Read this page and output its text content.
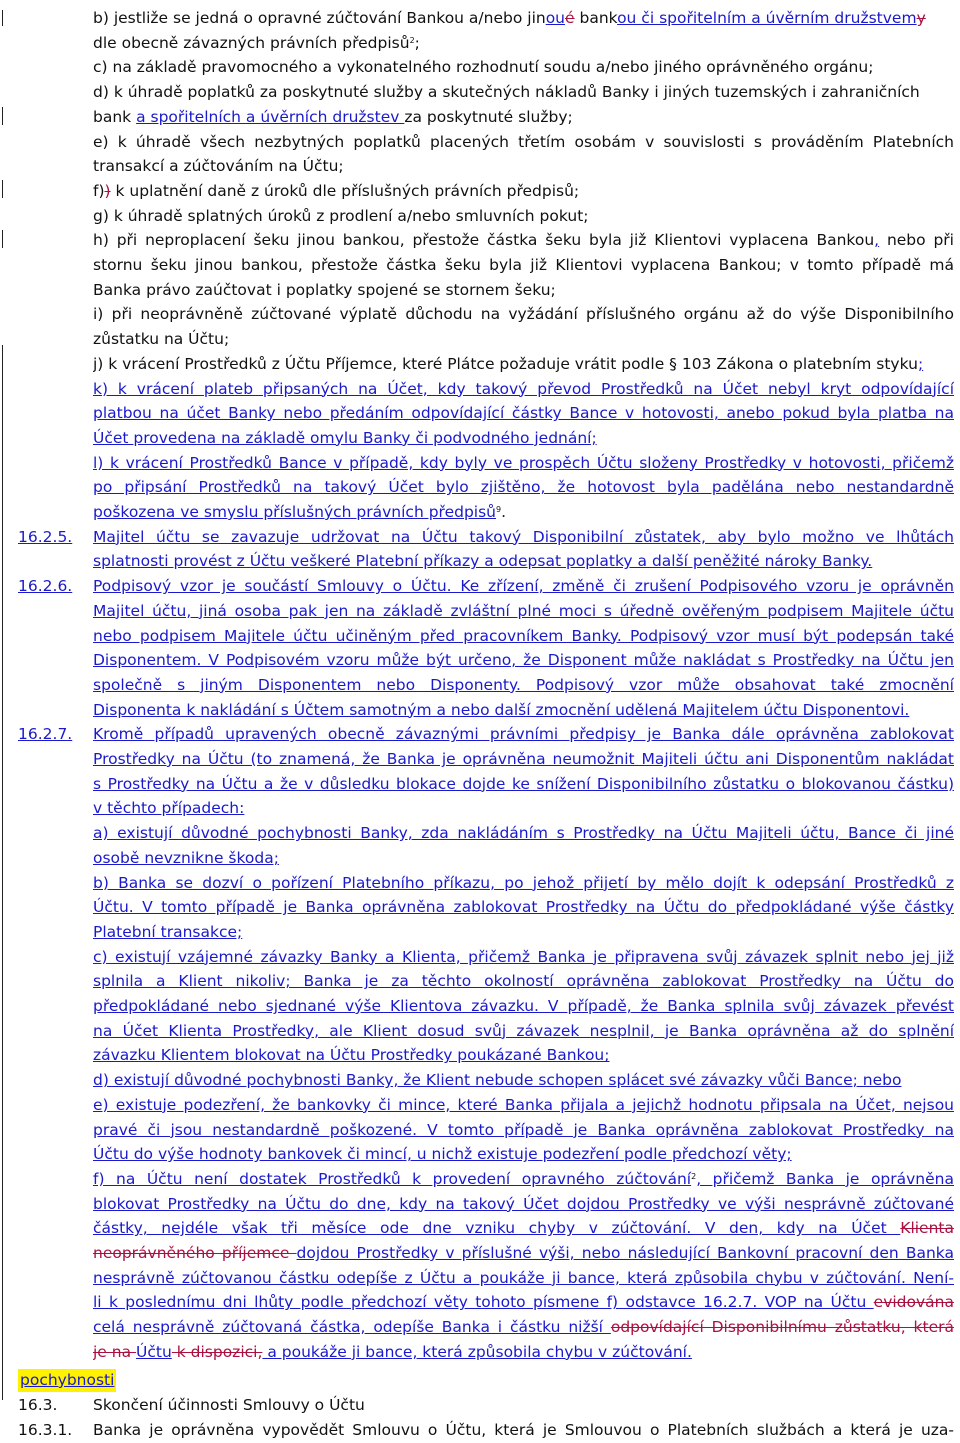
b) jestliže se jedná o opravné zúčtování Bankou a/nebo jinoué bankou či spořitelním a úvěrním družstvemy
dle obecně závazných právních předpisů$^2$;
c) na základě pravomocného a vykonatelného rozhodnutí soudu a/nebo jiného oprávněného orgánu;
d) k úhradě poplatků za poskytnuté služby a skutečných nákladů Banky i jiných tuzemských i zahraničních
bank a spořitelních a úvěrních družstev za poskytnuté služby;
e) k úhradě všech nezbytných poplatků placených třetím osobám v souvislosti s prováděním Platebních
transakcí a zúčtováním na Účtu;
f)) k uplatnění daně z úroků dle příslušných právních předpisů;
g) k úhradě splatných úroků z prodlení a/nebo smluvních pokut;
h) při neproplacení šeku jinou bankou, přestože částka šeku byla již Klientovi vyplacena Bankou, nebo při
stornu šeku jinou bankou, přestože částka šeku byla již Klientovi vyplacena Bankou; v tomto případě má
Banka právo zaúčtovat i poplatky spojené se stornem šeku;
i) při neoprávněně zúčtované výplatě důchodu na vyžádání příslušného orgánu až do výše Disponibilního
zůstatku na Účtu;
j) k vrácení Prostředků z Účtu Příjemce, které Plátce požaduje vrátit podle § 103 Zákona o platebním styku;
k) k vrácení plateb připsaných na Účet, kdy takový převod Prostředků na Účet nebyl kryt odpovídající
platbou na účet Banky nebo předáním odpovídající částky Bance v hotovosti, anebo pokud byla platba na
Účet provedena na základě omylu Banky či podvodného jednání;
l) k vrácení Prostředků Bance v případě, kdy byly ve prospěch Účtu složeny Prostředky v hotovosti, přičemž
po připsání Prostředků na takový Účet bylo zjištěno, že hotovost byla padělána nebo nestandardně
poškozena ve smyslu příslušných právních předpisů$^9$.
16.2.5. Majitel účtu se zavazuje udržovat na Účtu takový Disponibilní zůstatek, aby bylo možno ve lhůtách
splatnosti provést z Účtu veškeré Platební příkazy a odepsat poplatky a další peněžité nároky Banky.
16.2.6. Podpisový vzor je součástí Smlouvy o Účtu. Ke zřízení, změně či zrušení Podpisového vzoru je oprávněn
Majitel účtu, jiná osoba pak jen na základě zvláštní plné moci s úředně ověřeným podpisem Majitele účtu
nebo podpisem Majitele účtu učiněným před pracovníkem Banky. Podpisový vzor musí být podepsán také
Disponentem. V Podpisovém vzoru může být určeno, že Disponent může nakládat s Prostředky na Účtu jen
společně s jiným Disponentem nebo Disponenty. Podpisový vzor může obsahovat také zmocnění
Disponenta k nakládání s Účtem samotným a nebo další zmocnění udělená Majitelem účtu Disponentovi.
16.2.7. Kromě případů upravených obecně závaznými právními předpisy je Banka dále oprávněna zablokovat
Prostředky na Účtu (to znamená, že Banka je oprávněna neumožnit Majiteli účtu ani Disponentům nakládat
s Prostředky na Účtu a že v důsledku blokace dojde ke snížení Disponibilního zůstatku o blokovanou částku)
v těchto případech:
a) existují důvodné pochybnosti Banky, zda nakládáním s Prostředky na Účtu Majiteli účtu, Bance či jiné
osobě nevznikne škoda;
b) Banka se dozví o pořízení Platebního příkazu, po jehož přijetí by mělo dojít k odepsání Prostředků z
Účtu. V tomto případě je Banka oprávněna zablokovat Prostředky na Účtu do předpokládané výše částky
Platební transakce;
c) existují vzájemné závazky Banky a Klienta, přičemž Banka je připravena svůj závazek splnit nebo jej již
splnila a Klient nikoliv; Banka je za těchto okolností oprávněna zablokovat Prostředky na Účtu do
předpokládané nebo sjednané výše Klientova závazku. V případě, že Banka splnila svůj závazek převést
na Účet Klienta Prostředky, ale Klient dosud svůj závazek nesplnil, je Banka oprávněna až do splnění
závazku Klientem blokovat na Účtu Prostředky poukázané Bankou;
d) existují důvodné pochybnosti Banky, že Klient nebude schopen splácet své závazky vůči Bance; nebo
e) existuje podezření, že bankovky či mince, které Banka přijala a jejichž hodnotu připsala na Účet, nejsou
pravé či jsou nestandardně poškozené. V tomto případě je Banka oprávněna zablokovat Prostředky na
Účtu do výše hodnoty bankovek či mincí, u nichž existuje podezření podle předchozí věty;
f) na Účtu není dostatek Prostředků k provedení opravného zúčtování$^2$, přičemž Banka je oprávněna
blokovat Prostředky na Účtu do dne, kdy na takový Účet dojdou Prostředky ve výši nesprávně zúčtované
částky, nejdéle však tři měsíce ode dne vzniku chyby v zúčtování. V den, kdy na Účet Klienta
neoprávněného příjemce dojdou Prostředky v příslušné výši, nebo následující Bankovní pracovní den Banka
nesprávně zúčtovanou částku odepíše z Účtu a poukáže ji bance, která způsobila chybu v zúčtování. Není-
li k poslednímu dni lhůty podle předchozí věty tohoto písmene f) odstavce 16.2.7. VOP na Účtu evidována
celá nesprávně zúčtovaná částka, odepíše Banka i částku nižší odpovídající Disponibilnímu zůstatku, která
je na Účtu k dispozici, a poukáže ji bance, která způsobila chybu v zúčtování.
pochybnosti
16.3. Skončení účinnosti Smlouvy o Účtu
16.3.1. Banka je oprávněna vypovědět Smlouvu o Účtu, která je Smlouvou o Platebních službách a která je uza-
